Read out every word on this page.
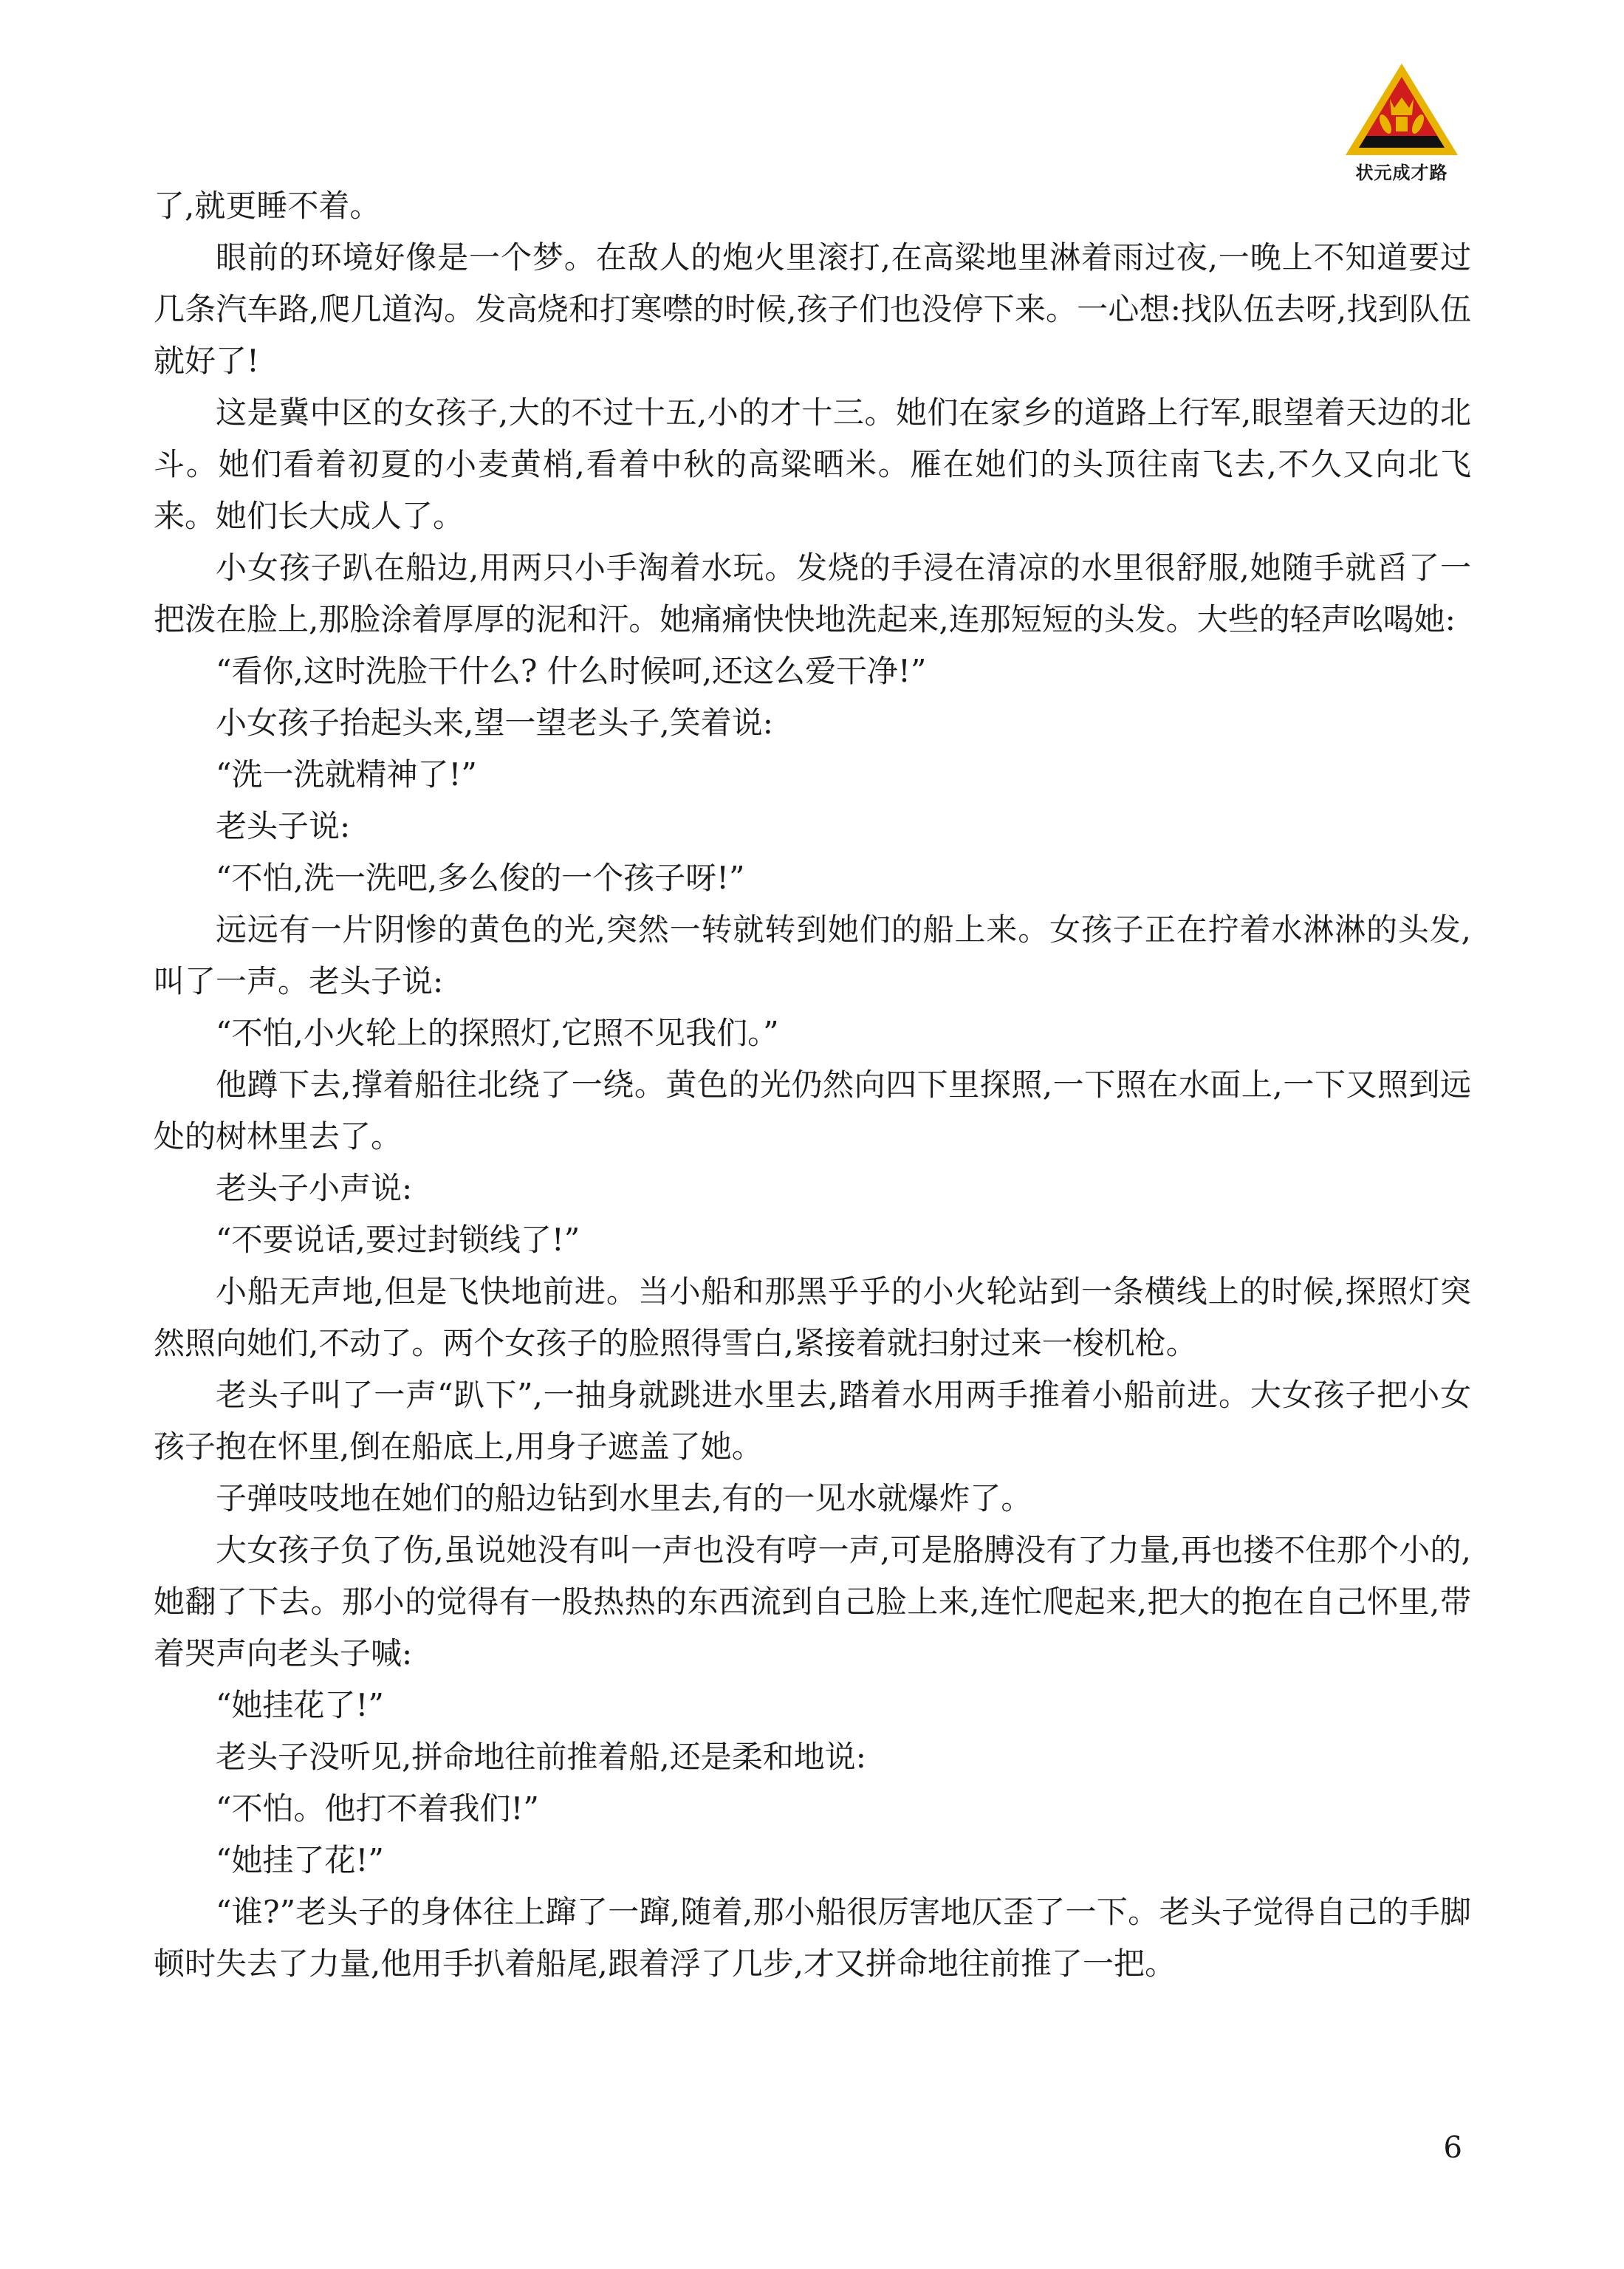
状元成才路

了,就更睡不着。

眼前的环境好像是一个梦。在敌人的炮火里滚打,在高粱地里淋着雨过夜,一晚上不知道要过几条汽车路,爬几道沟。发高烧和打寒噤的时候,孩子们也没停下来。一心想:找队伍去呀,找到队伍就好了!

这是冀中区的女孩子,大的不过十五,小的才十三。她们在家乡的道路上行军,眼望着天边的北斗。她们看着初夏的小麦黄梢,看着中秋的高粱晒米。雁在她们的头顶往南飞去,不久又向北飞来。她们长大成人了。

小女孩子趴在船边,用两只小手淘着水玩。发烧的手浸在清凉的水里很舒服,她随手就舀了一把泼在脸上,那脸涂着厚厚的泥和汗。她痛痛快快地洗起来,连那短短的头发。大些的轻声吆喝她:

“看你,这时洗脸干什么? 什么时候呵,还这么爱干净!”

小女孩子抬起头来,望一望老头子,笑着说:

“洗一洗就精神了!”

老头子说:

“不怕,洗一洗吧,多么俊的一个孩子呀!”

远远有一片阴惨的黄色的光,突然一转就转到她们的船上来。女孩子正在拧着水淋淋的头发,叫了一声。老头子说:

“不怕,小火轮上的探照灯,它照不见我们。”

他蹲下去,撑着船往北绕了一绕。黄色的光仍然向四下里探照,一下照在水面上,一下又照到远处的树林里去了。

老头子小声说:

“不要说话,要过封锁线了!”

小船无声地,但是飞快地前进。当小船和那黑乎乎的小火轮站到一条横线上的时候,探照灯突然照向她们,不动了。两个女孩子的脸照得雪白,紧接着就扫射过来一梭机枪。

老头子叫了一声“趴下”,一抽身就跳进水里去,踏着水用两手推着小船前进。大女孩子把小女孩子抱在怀里,倒在船底上,用身子遮盖了她。

子弹吱吱地在她们的船边钻到水里去,有的一见水就爆炸了。

大女孩子负了伤,虽说她没有叫一声也没有哼一声,可是胳膊没有了力量,再也搂不住那个小的,她翻了下去。那小的觉得有一股热热的东西流到自己脸上来,连忙爬起来,把大的抱在自己怀里,带着哭声向老头子喊:

“她挂花了!”

老头子没听见,拼命地往前推着船,还是柔和地说:

“不怕。他打不着我们!”

“她挂了花!”

“谁?”老头子的身体往上蹿了一蹿,随着,那小船很厉害地仄歪了一下。老头子觉得自己的手脚顿时失去了力量,他用手扒着船尾,跟着浮了几步,才又拼命地往前推了一把。

6
